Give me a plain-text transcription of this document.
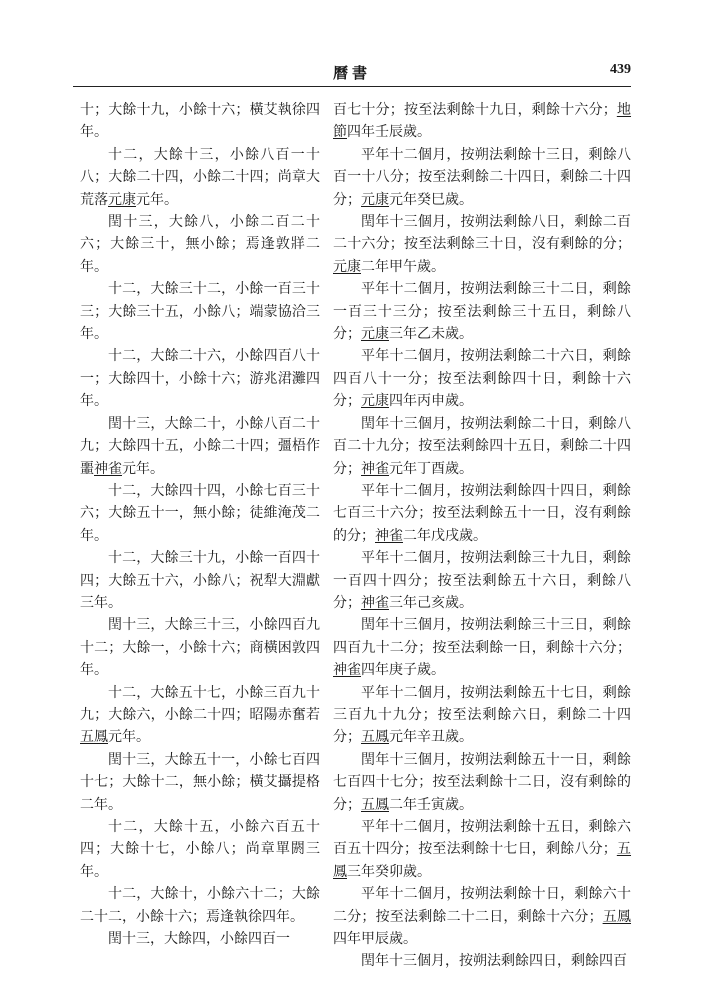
曆書	439

十；大餘十九，小餘十六；橫艾執徐四年。

十二，大餘十三，小餘八百一十八；大餘二十四，小餘二十四；尚章大荒落元康元年。

閏十三，大餘八，小餘二百二十六；大餘三十，無小餘；焉逢敦牂二年。

十二，大餘三十二，小餘一百三十三；大餘三十五，小餘八；端蒙協洽三年。

十二，大餘二十六，小餘四百八十一；大餘四十，小餘十六；游兆涒灘四年。

閏十三，大餘二十，小餘八百二十九；大餘四十五，小餘二十四；彊梧作噩神雀元年。

十二，大餘四十四，小餘七百三十六；大餘五十一，無小餘；徒維淹茂二年。

十二，大餘三十九，小餘一百四十四；大餘五十六，小餘八；祝犁大淵獻三年。

閏十三，大餘三十三，小餘四百九十二；大餘一，小餘十六；商橫困敦四年。

十二，大餘五十七，小餘三百九十九；大餘六，小餘二十四；昭陽赤奮若五鳳元年。

閏十三，大餘五十一，小餘七百四十七；大餘十二，無小餘；橫艾攝提格二年。

十二，大餘十五，小餘六百五十四；大餘十七，小餘八；尚章單閼三年。

十二，大餘十，小餘六十二；大餘二十二，小餘十六；焉逢執徐四年。

閏十三，大餘四，小餘四百一

百七十分；按至法剩餘十九日，剩餘十六分；地節四年壬辰歲。

平年十二個月，按朔法剩餘十三日，剩餘八百一十八分；按至法剩餘二十四日，剩餘二十四分；元康元年癸巳歲。

閏年十三個月，按朔法剩餘八日，剩餘二百二十六分；按至法剩餘三十日，沒有剩餘的分；元康二年甲午歲。

平年十二個月，按朔法剩餘三十二日，剩餘一百三十三分；按至法剩餘三十五日，剩餘八分；元康三年乙未歲。

平年十二個月，按朔法剩餘二十六日，剩餘四百八十一分；按至法剩餘四十日，剩餘十六分；元康四年丙申歲。

閏年十三個月，按朔法剩餘二十日，剩餘八百二十九分；按至法剩餘四十五日，剩餘二十四分；神雀元年丁酉歲。

平年十二個月，按朔法剩餘四十四日，剩餘七百三十六分；按至法剩餘五十一日，沒有剩餘的分；神雀二年戊戌歲。

平年十二個月，按朔法剩餘三十九日，剩餘一百四十四分；按至法剩餘五十六日，剩餘八分；神雀三年己亥歲。

閏年十三個月，按朔法剩餘三十三日，剩餘四百九十二分；按至法剩餘一日，剩餘十六分；神雀四年庚子歲。

平年十二個月，按朔法剩餘五十七日，剩餘三百九十九分；按至法剩餘六日，剩餘二十四分；五鳳元年辛丑歲。

閏年十三個月，按朔法剩餘五十一日，剩餘七百四十七分；按至法剩餘十二日，沒有剩餘的分；五鳳二年壬寅歲。

平年十二個月，按朔法剩餘十五日，剩餘六百五十四分；按至法剩餘十七日，剩餘八分；五鳳三年癸卯歲。

平年十二個月，按朔法剩餘十日，剩餘六十二分；按至法剩餘二十二日，剩餘十六分；五鳳四年甲辰歲。

閏年十三個月，按朔法剩餘四日，剩餘四百
